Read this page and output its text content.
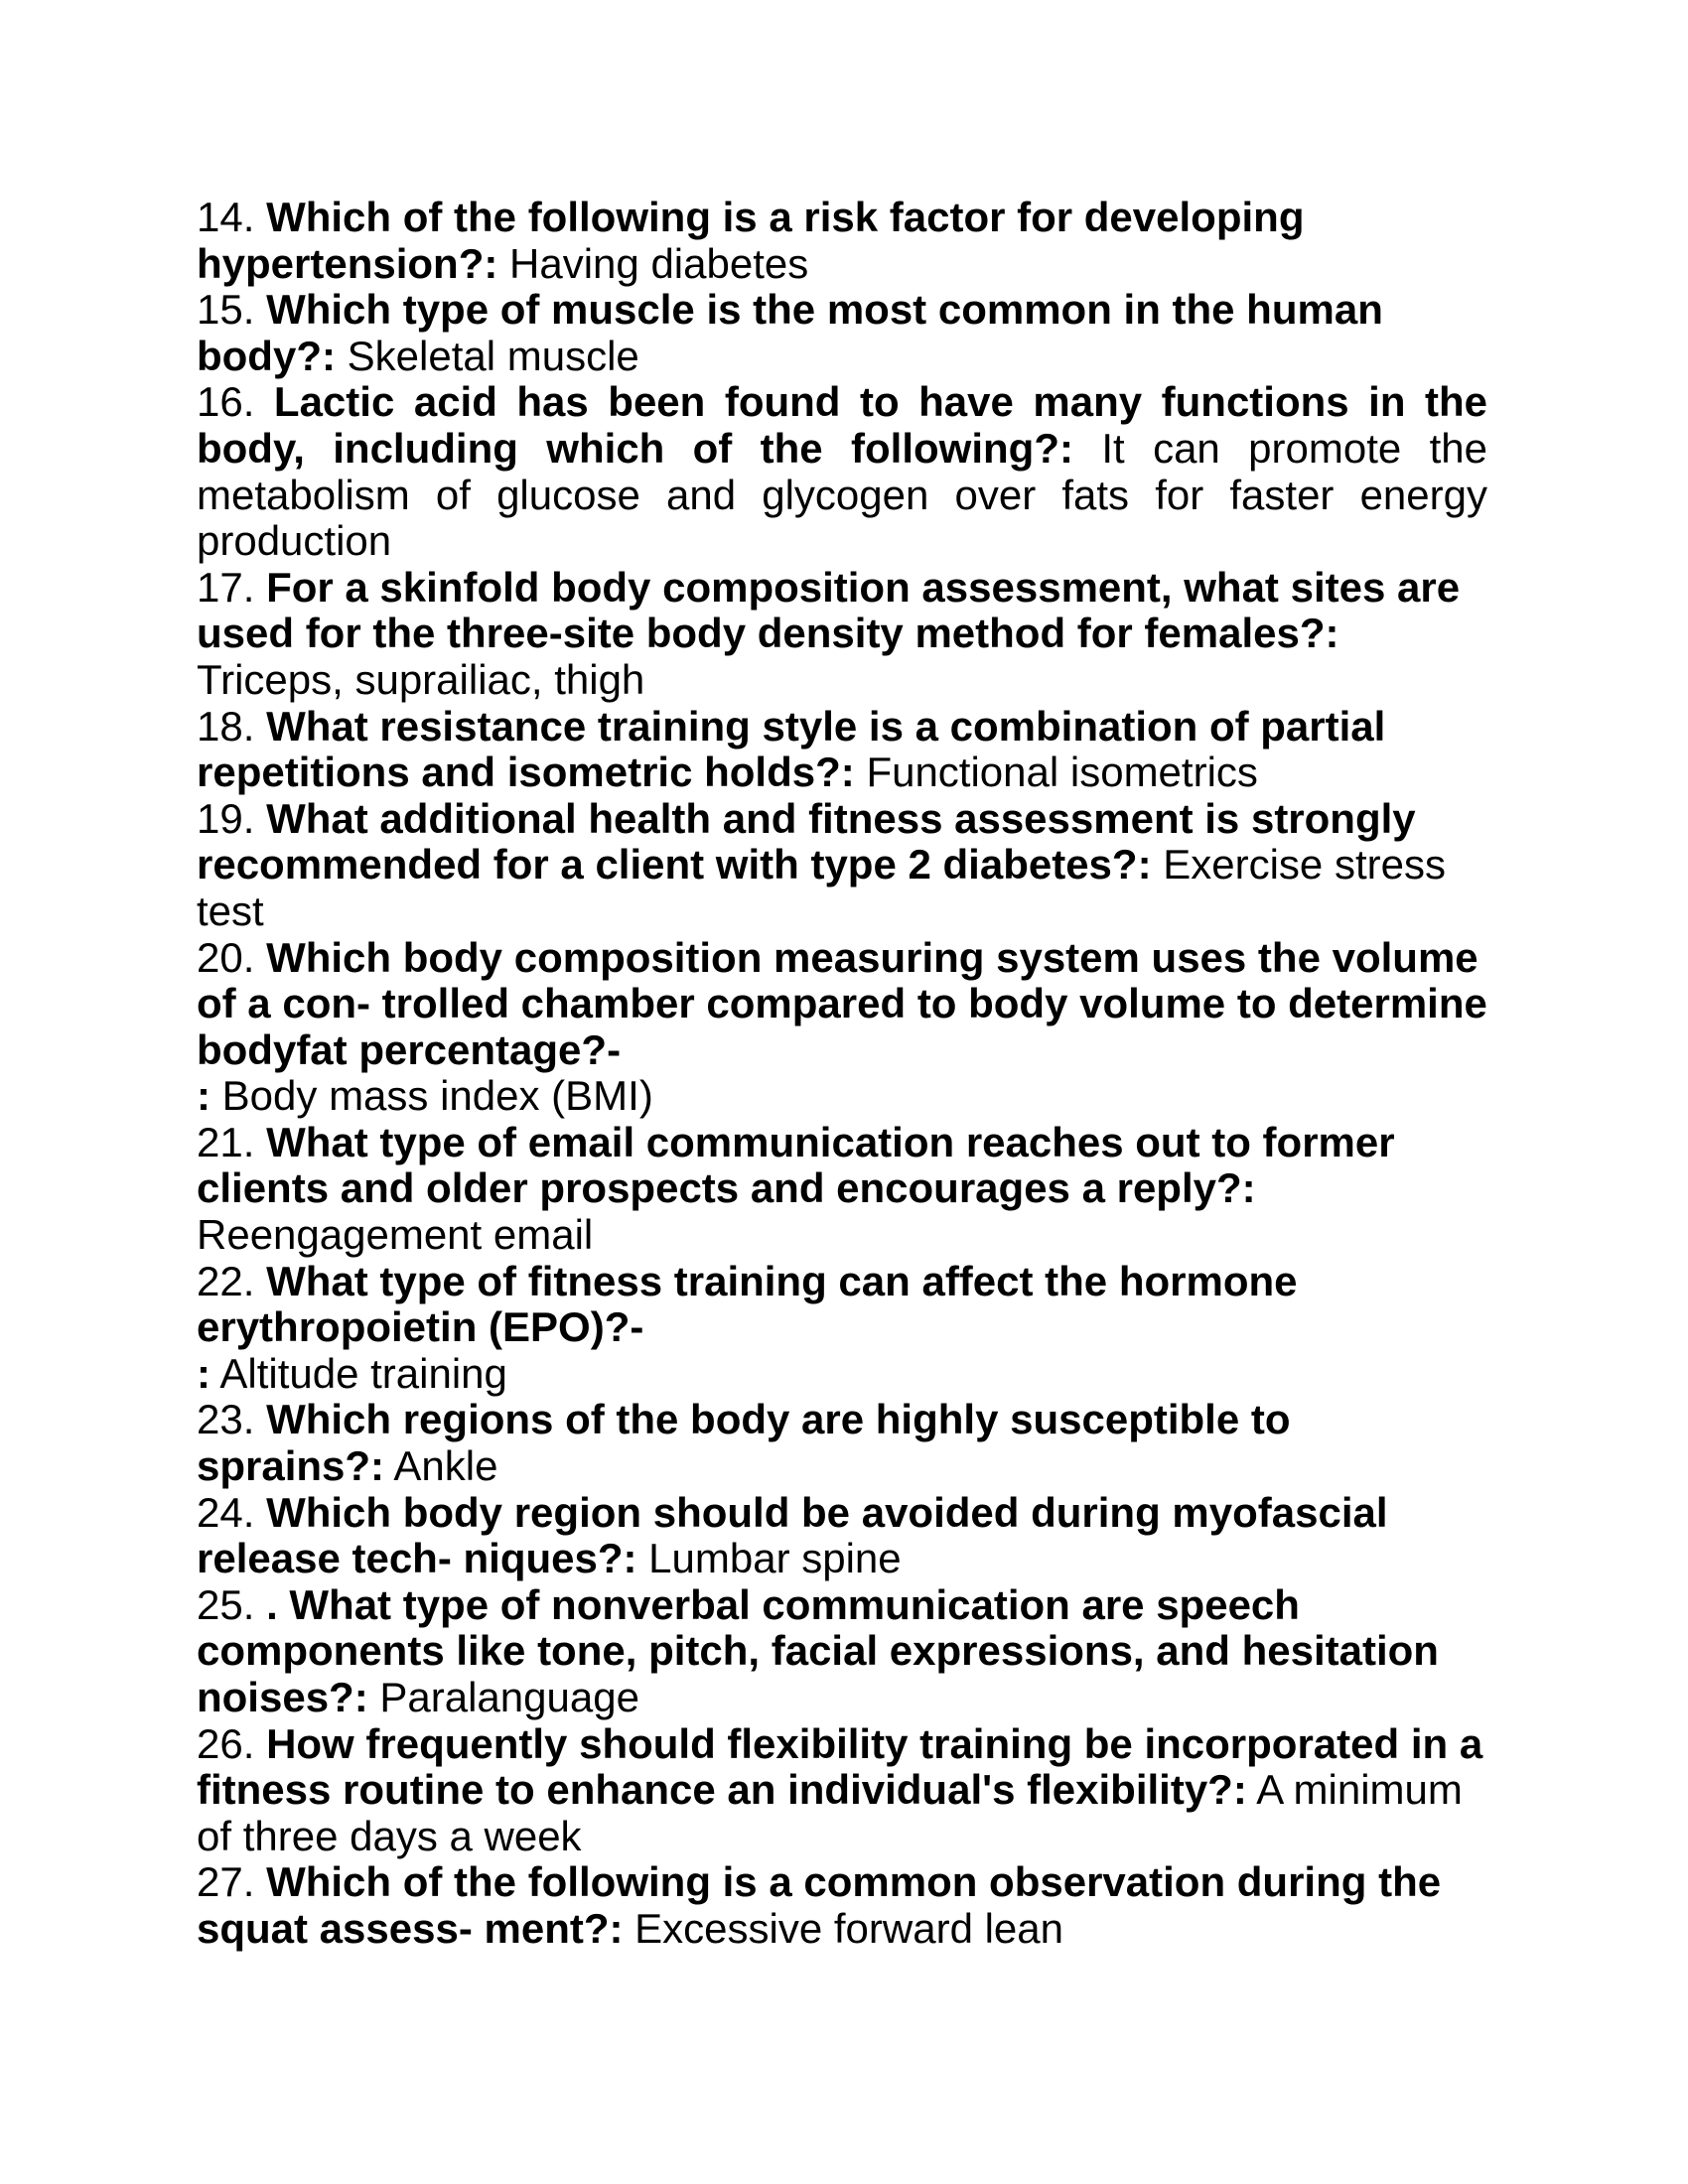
14. Which of the following is a risk factor for developing hypertension?: Having diabetes

15. Which type of muscle is the most common in the human body?: Skeletal muscle

16. Lactic acid has been found to have many functions in the body, including which of the following?: It can promote the metabolism of glucose and glycogen over fats for faster energy production

17. For a skinfold body composition assessment, what sites are used for the three-site body density method for females?: Triceps, suprailiac, thigh

18. What resistance training style is a combination of partial repetitions and isometric holds?: Functional isometrics

19. What additional health and fitness assessment is strongly recommended for a client with type 2 diabetes?: Exercise stress test

20. Which body composition measuring system uses the volume of a con- trolled chamber compared to body volume to determine bodyfat percentage?-
: Body mass index (BMI)

21. What type of email communication reaches out to former clients and older prospects and encourages a reply?: Reengagement email

22. What type of fitness training can affect the hormone erythropoietin (EPO)?-
: Altitude training

23. Which regions of the body are highly susceptible to sprains?: Ankle

24. Which body region should be avoided during myofascial release tech- niques?: Lumbar spine

25. . What type of nonverbal communication are speech components like tone, pitch, facial expressions, and hesitation noises?: Paralanguage

26. How frequently should flexibility training be incorporated in a fitness routine to enhance an individual's flexibility?: A minimum of three days a week

27. Which of the following is a common observation during the squat assess- ment?: Excessive forward lean
